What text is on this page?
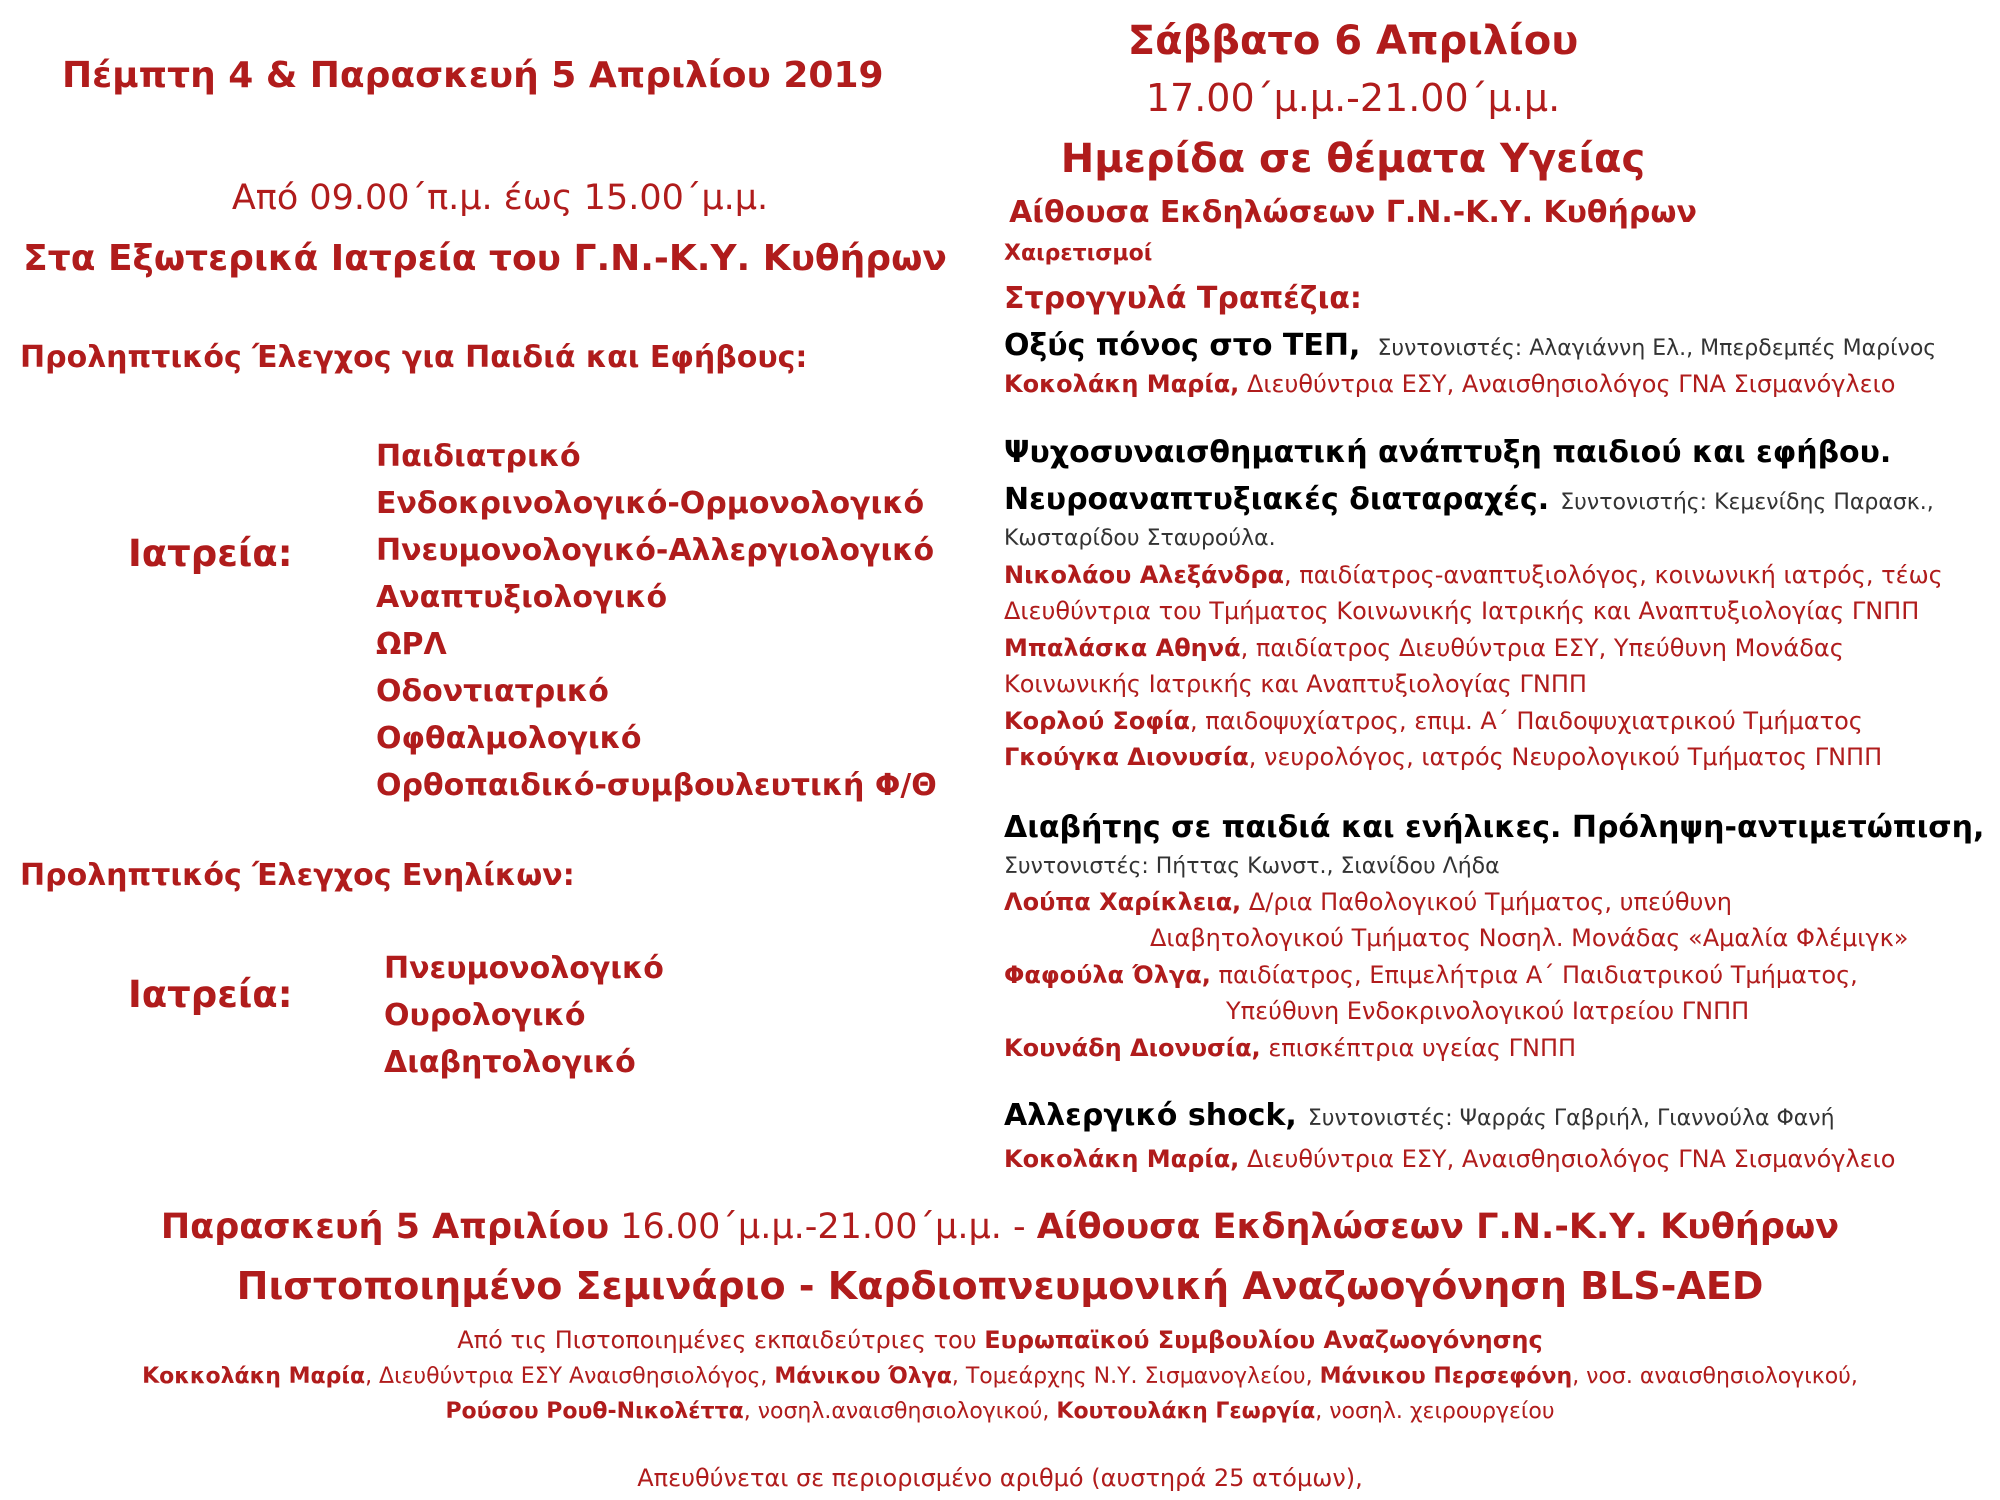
Πέμπτη 4 & Παρασκευή 5 Απριλίου 2019
Από 09.00΄π.μ. έως 15.00΄μ.μ.
Στα Εξωτερικά Ιατρεία του Γ.Ν.-Κ.Υ. Κυθήρων
Προληπτικός Έλεγχος για Παιδιά και Εφήβους:
Ιατρεία:
Παιδιατρικό
Ενδοκρινολογικό-Ορμονολογικό
Πνευμονολογικό-Αλλεργιολογικό
Αναπτυξιολογικό
ΩΡΛ
Οδοντιατρικό
Οφθαλμολογικό
Ορθοπαιδικό-συμβουλευτική Φ/Θ
Προληπτικός Έλεγχος Ενηλίκων:
Ιατρεία:
Πνευμονολογικό
Ουρολογικό
Διαβητολογικό
Σάββατο 6 Απριλίου
17.00΄μ.μ.-21.00΄μ.μ.
Ημερίδα σε θέματα Υγείας
Αίθουσα Εκδηλώσεων Γ.Ν.-Κ.Υ. Κυθήρων
Χαιρετισμοί
Στρογγυλά Τραπέζια:
Οξύς πόνος στο ΤΕΠ, Συντονιστές: Αλαγιάννη Ελ., Μπερδεμπές Μαρίνος
Κοκολάκη Μαρία, Διευθύντρια ΕΣΥ, Αναισθησιολόγος ΓΝΑ Σισμανόγλειο
Ψυχοσυναισθηματική ανάπτυξη παιδιού και εφήβου.
Νευροαναπτυξιακές διαταραχές. Συντονιστής: Κεμενίδης Παρασκ.,
Κωσταρίδου Σταυρούλα.
Νικολάου Αλεξάνδρα, παιδίατρος-αναπτυξιολόγος, κοινωνική ιατρός, τέως
Διευθύντρια του Τμήματος Κοινωνικής Ιατρικής και Αναπτυξιολογίας ΓΝΠΠ
Μπαλάσκα Αθηνά, παιδίατρος Διευθύντρια ΕΣΥ, Υπεύθυνη Μονάδας
Κοινωνικής Ιατρικής και Αναπτυξιολογίας ΓΝΠΠ
Κορλού Σοφία, παιδοψυχίατρος, επιμ. Α΄ Παιδοψυχιατρικού Τμήματος
Γκούγκα Διονυσία, νευρολόγος, ιατρός Νευρολογικού Τμήματος ΓΝΠΠ
Διαβήτης σε παιδιά και ενήλικες. Πρόληψη-αντιμετώπιση,
Συντονιστές: Πήττας Κωνστ., Σιανίδου Λήδα
Λούπα Χαρίκλεια, Δ/ρια Παθολογικού Τμήματος, υπεύθυνη
Διαβητολογικού Τμήματος Νοσηλ. Μονάδας «Αμαλία Φλέμιγκ»
Φαφούλα Όλγα, παιδίατρος, Επιμελήτρια Α΄ Παιδιατρικού Τμήματος,
Υπεύθυνη Ενδοκρινολογικού Ιατρείου ΓΝΠΠ
Κουνάδη Διονυσία, επισκέπτρια υγείας ΓΝΠΠ
Αλλεργικό shock, Συντονιστές: Ψαρράς Γαβριήλ, Γιαννούλα Φανή
Κοκολάκη Μαρία, Διευθύντρια ΕΣΥ, Αναισθησιολόγος ΓΝΑ Σισμανόγλειο
Παρασκευή 5 Απριλίου 16.00΄μ.μ.-21.00΄μ.μ. - Αίθουσα Εκδηλώσεων Γ.Ν.-Κ.Υ. Κυθήρων
Πιστοποιημένο Σεμινάριο - Καρδιοπνευμονική Αναζωογόνηση BLS-AED
Από τις Πιστοποιημένες εκπαιδεύτριες του Ευρωπαϊκού Συμβουλίου Αναζωογόνησης
Κοκκολάκη Μαρία, Διευθύντρια ΕΣΥ Αναισθησιολόγος, Μάνικου Όλγα, Τομεάρχης Ν.Υ. Σισμανογλείου, Μάνικου Περσεφόνη, νοσ. αναισθησιολογικού,
Ρούσου Ρουθ-Νικολέττα, νοσηλ.αναισθησιολογικού, Κουτουλάκη Γεωργία, νοσηλ. χειρουργείου
Απευθύνεται σε περιορισμένο αριθμό (αυστηρά 25 ατόμων),
